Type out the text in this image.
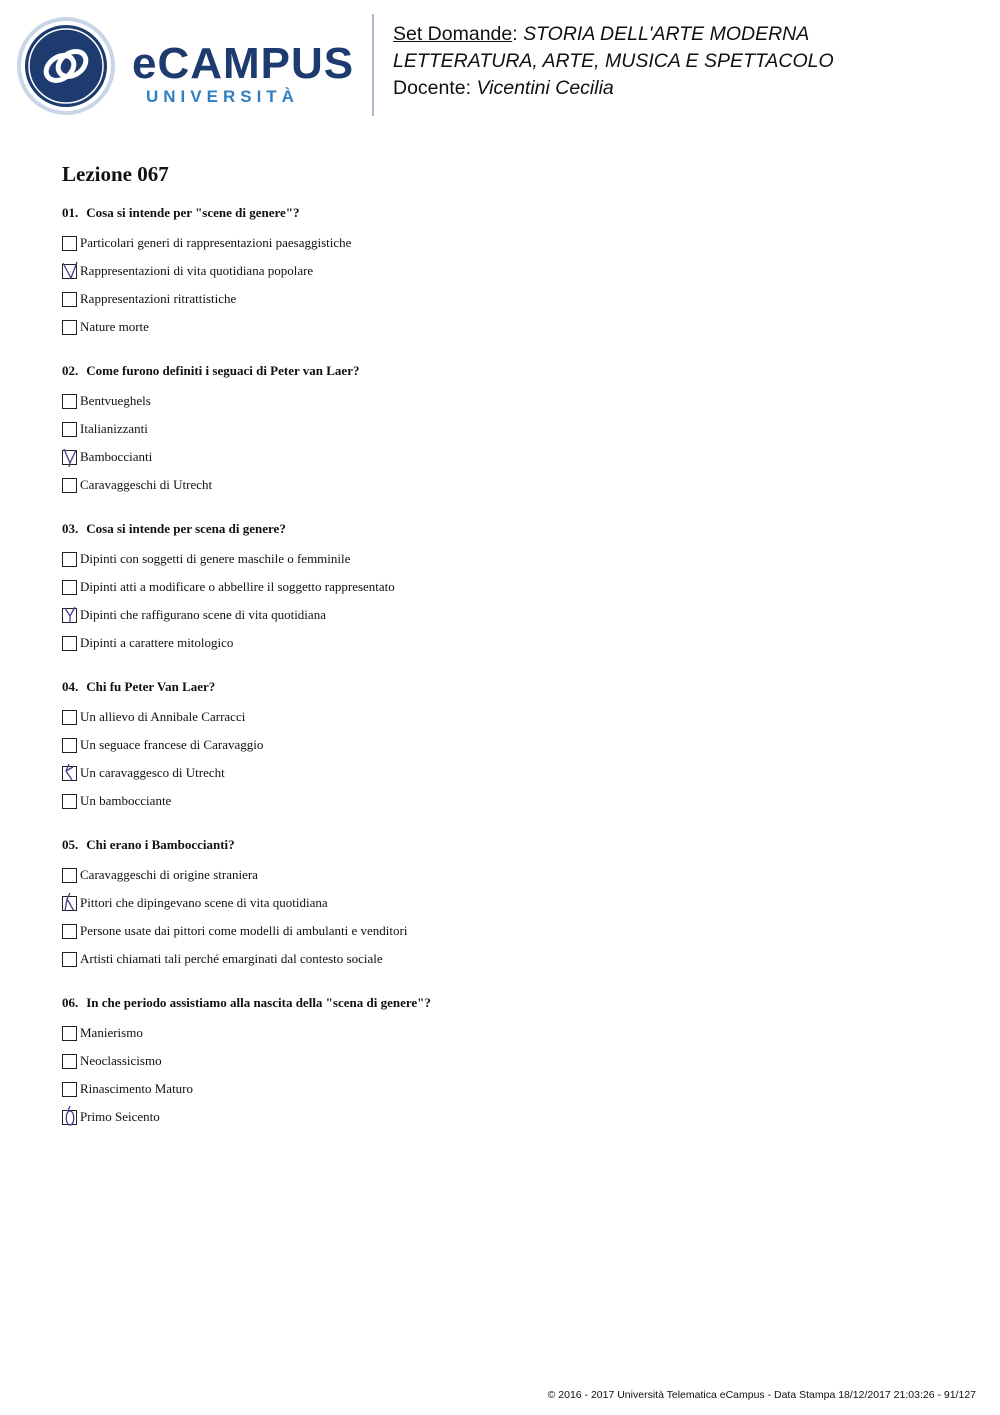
eCAMPUS
UNIVERSITÀ
Set Domande: STORIA DELL'ARTE MODERNA
LETTERATURA, ARTE, MUSICA E SPETTACOLO
Docente: Vicentini Cecilia
Lezione 067
01. Cosa si intende per "scene di genere"?
Particolari generi di rappresentazioni paesaggistiche
Rappresentazioni di vita quotidiana popolare
Rappresentazioni ritrattistiche
Nature morte
02. Come furono definiti i seguaci di Peter van Laer?
Bentvueghels
Italianizzanti
Bamboccianti
Caravaggeschi di Utrecht
03. Cosa si intende per scena di genere?
Dipinti con soggetti di genere maschile o femminile
Dipinti atti a modificare o abbellire il soggetto rappresentato
Dipinti che raffigurano scene di vita quotidiana
Dipinti a carattere mitologico
04. Chi fu Peter Van Laer?
Un allievo di Annibale Carracci
Un seguace francese di Caravaggio
Un caravaggesco di Utrecht
Un bambocciante
05. Chi erano i Bamboccianti?
Caravaggeschi di origine straniera
Pittori che dipingevano scene di vita quotidiana
Persone usate dai pittori come modelli di ambulanti e venditori
Artisti chiamati tali perché emarginati dal contesto sociale
06. In che periodo assistiamo alla nascita della "scena di genere"?
Manierismo
Neoclassicismo
Rinascimento Maturo
Primo Seicento
© 2016 - 2017 Università Telematica eCampus - Data Stampa 18/12/2017 21:03:26 - 91/127
